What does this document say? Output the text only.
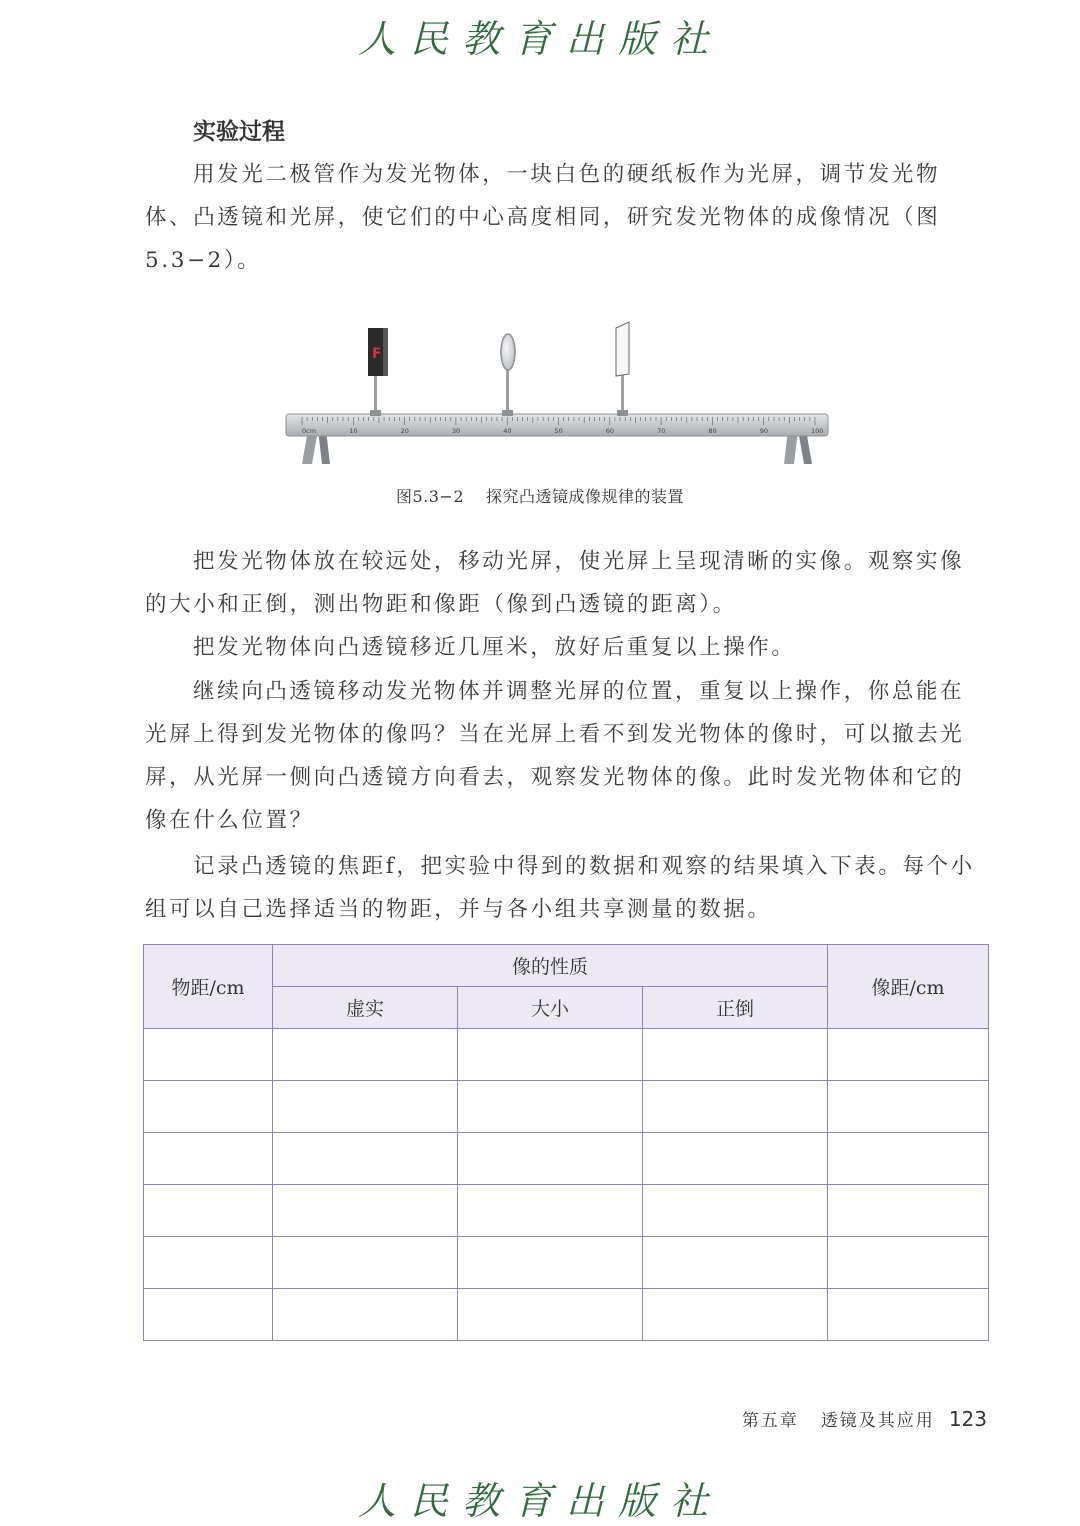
人民教育出版社
实验过程

用发光二极管作为发光物体，一块白色的硬纸板作为光屏，调节发光物体、凸透镜和光屏，使它们的中心高度相同，研究发光物体的成像情况（图 5.3−2）。

0cm	10	20	30	40	50	60	70	80	90	100
F
图5.3−2 探究凸透镜成像规律的装置

把发光物体放在较远处，移动光屏，使光屏上呈现清晰的实像。观察实像的大小和正倒，测出物距和像距（像到凸透镜的距离）。

把发光物体向凸透镜移近几厘米，放好后重复以上操作。

继续向凸透镜移动发光物体并调整光屏的位置，重复以上操作，你总能在光屏上得到发光物体的像吗？当在光屏上看不到发光物体的像时，可以撤去光屏，从光屏一侧向凸透镜方向看去，观察发光物体的像。此时发光物体和它的像在什么位置？

记录凸透镜的焦距f，把实验中得到的数据和观察的结果填入下表。每个小组可以自己选择适当的物距，并与各小组共享测量的数据。

物距/cm	像的性质			像距/cm
	虚实	大小	正倒	

第五章 透镜及其应用 123
人民教育出版社
